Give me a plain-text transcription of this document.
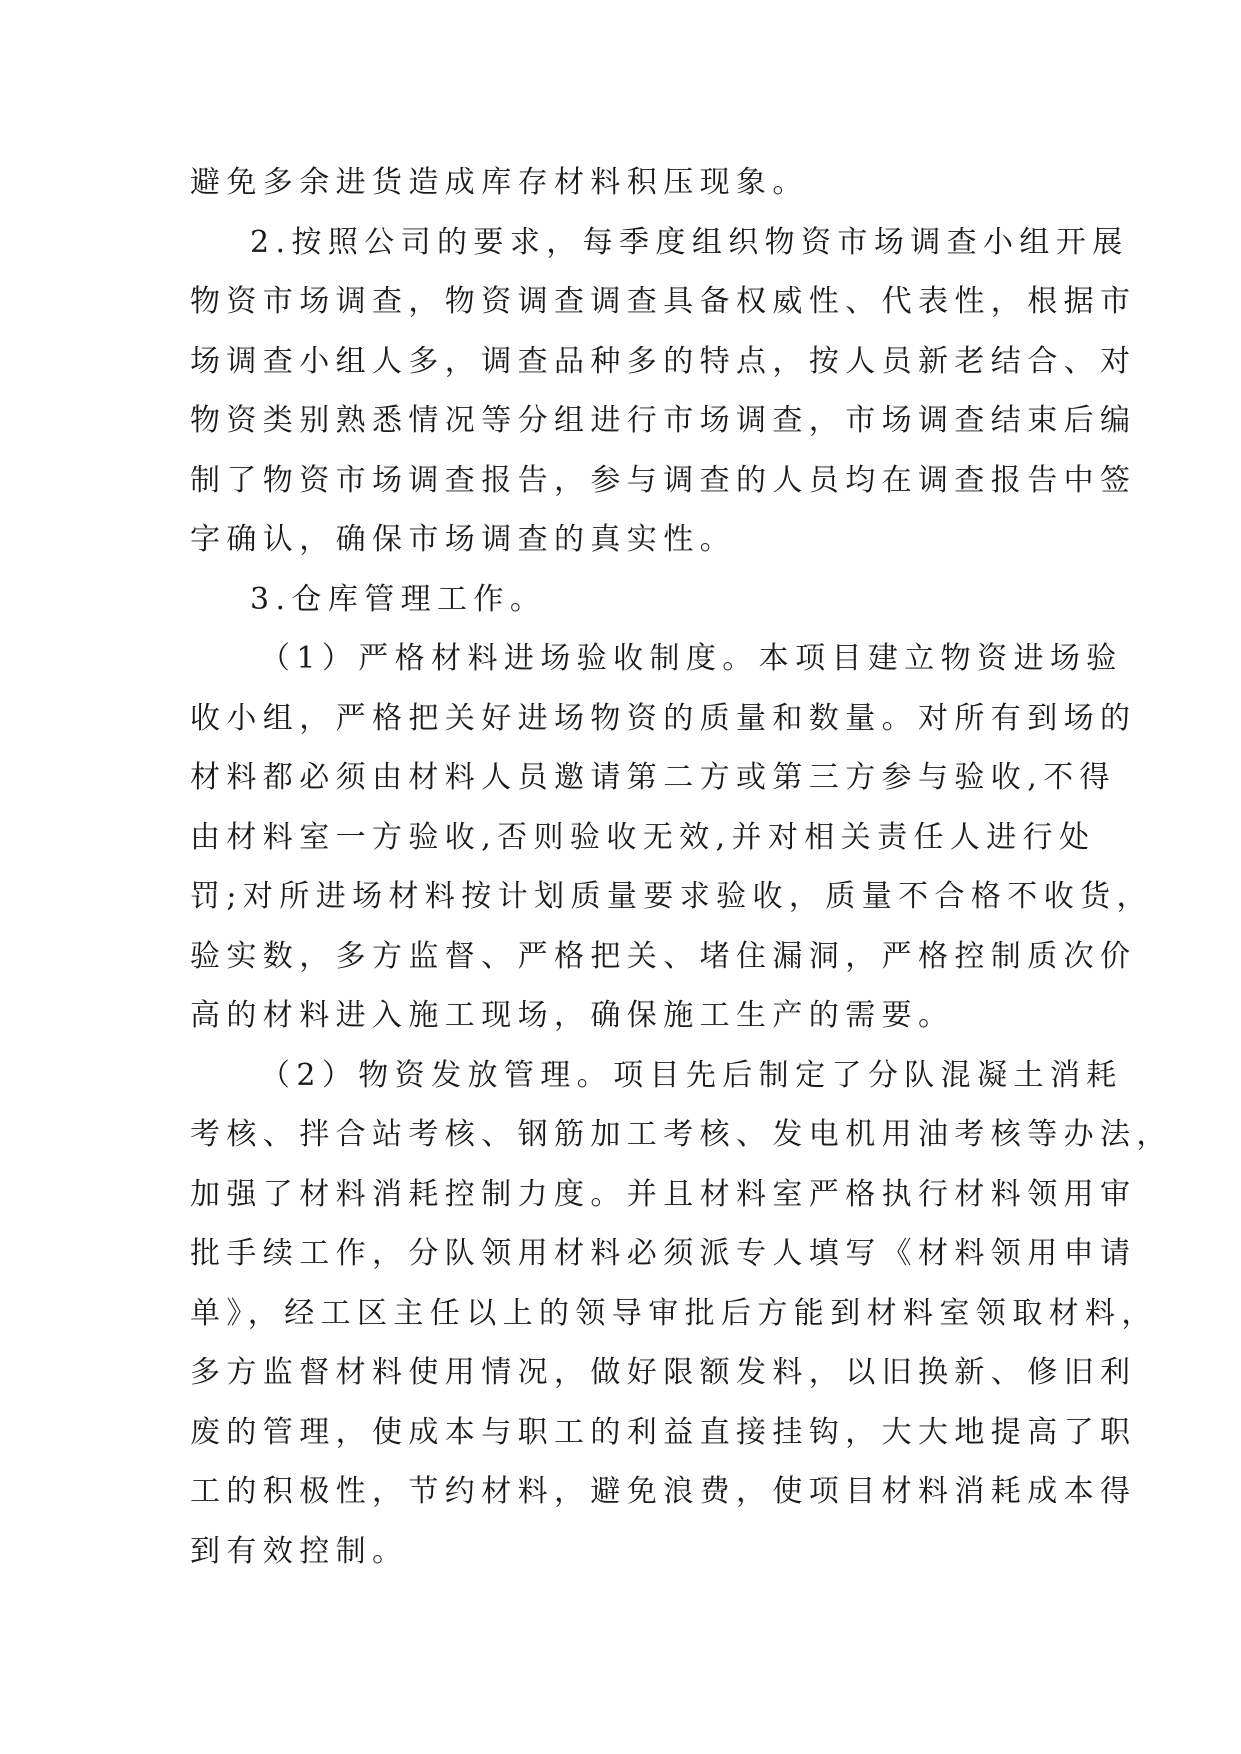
避免多余进货造成库存材料积压现象。
2.按照公司的要求，每季度组织物资市场调查小组开展
物资市场调查，物资调查调查具备权威性、代表性，根据市
场调查小组人多，调查品种多的特点，按人员新老结合、对
物资类别熟悉情况等分组进行市场调查，市场调查结束后编
制了物资市场调查报告，参与调查的人员均在调查报告中签
字确认，确保市场调查的真实性。
3.仓库管理工作。
（1）严格材料进场验收制度。本项目建立物资进场验
收小组，严格把关好进场物资的质量和数量。对所有到场的
材料都必须由材料人员邀请第二方或第三方参与验收,不得
由材料室一方验收,否则验收无效,并对相关责任人进行处
罚;对所进场材料按计划质量要求验收，质量不合格不收货，
验实数，多方监督、严格把关、堵住漏洞，严格控制质次价
高的材料进入施工现场，确保施工生产的需要。
（2）物资发放管理。项目先后制定了分队混凝土消耗
考核、拌合站考核、钢筋加工考核、发电机用油考核等办法，
加强了材料消耗控制力度。并且材料室严格执行材料领用审
批手续工作，分队领用材料必须派专人填写《材料领用申请
单》，经工区主任以上的领导审批后方能到材料室领取材料，
多方监督材料使用情况，做好限额发料，以旧换新、修旧利
废的管理，使成本与职工的利益直接挂钩，大大地提高了职
工的积极性，节约材料，避免浪费，使项目材料消耗成本得
到有效控制。
